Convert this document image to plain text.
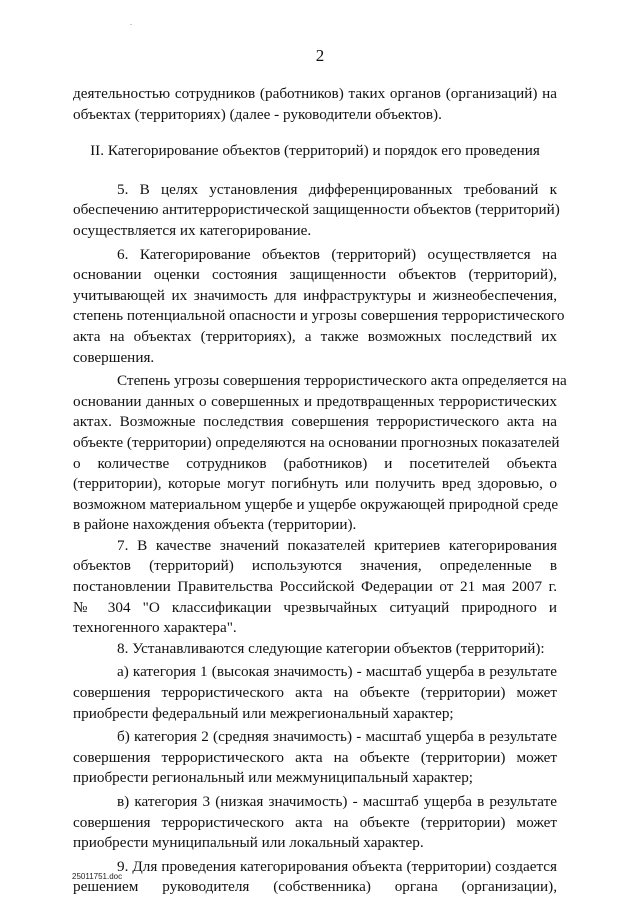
2

деятельностью сотрудников (работников) таких органов (организаций) на
объектах (территориях) (далее - руководители объектов).

II. Категорирование объектов (территорий) и порядок его проведения

5. В целях установления дифференцированных требований к
обеспечению антитеррористической защищенности объектов (территорий)
осуществляется их категорирование.

6. Категорирование объектов (территорий) осуществляется на
основании оценки состояния защищенности объектов (территорий),
учитывающей их значимость для инфраструктуры и жизнеобеспечения,
степень потенциальной опасности и угрозы совершения террористического
акта на объектах (территориях), а также возможных последствий их
совершения.

Степень угрозы совершения террористического акта определяется на
основании данных о совершенных и предотвращенных террористических
актах. Возможные последствия совершения террористического акта на
объекте (территории) определяются на основании прогнозных показателей
о количестве сотрудников (работников) и посетителей объекта
(территории), которые могут погибнуть или получить вред здоровью, о
возможном материальном ущербе и ущербе окружающей природной среде
в районе нахождения объекта (территории).

7. В качестве значений показателей критериев категорирования
объектов (территорий) используются значения, определенные в
постановлении Правительства Российской Федерации от 21 мая 2007 г.
№ 304 "О классификации чрезвычайных ситуаций природного и
техногенного характера".

8. Устанавливаются следующие категории объектов (территорий):

а) категория 1 (высокая значимость) - масштаб ущерба в результате
совершения террористического акта на объекте (территории) может
приобрести федеральный или межрегиональный характер;

б) категория 2 (средняя значимость) - масштаб ущерба в результате
совершения террористического акта на объекте (территории) может
приобрести региональный или межмуниципальный характер;

в) категория 3 (низкая значимость) - масштаб ущерба в результате
совершения террористического акта на объекте (территории) может
приобрести муниципальный или локальный характер.

9. Для проведения категорирования объекта (территории) создается
решением руководителя (собственника) органа (организации),

25011751.doc
